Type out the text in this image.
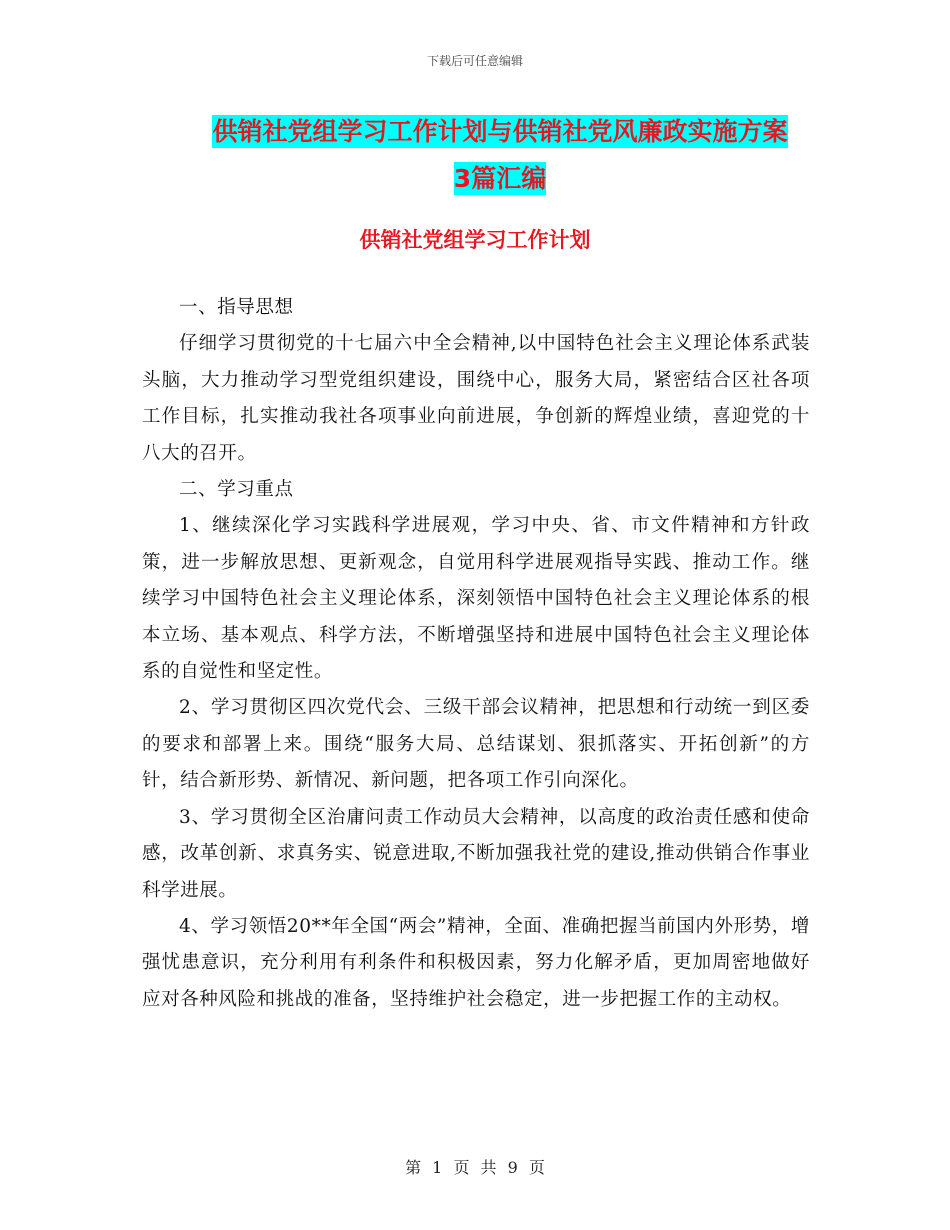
下载后可任意编辑
供销社党组学习工作计划与供销社党风廉政实施方案
3篇汇编
供销社党组学习工作计划

一、指导思想

仔细学习贯彻党的十七届六中全会精神,以中国特色社会主义理论体系武装头脑，大力推动学习型党组织建设，围绕中心，服务大局，紧密结合区社各项工作目标，扎实推动我社各项事业向前进展，争创新的辉煌业绩，喜迎党的十八大的召开。

二、学习重点

1、继续深化学习实践科学进展观，学习中央、省、市文件精神和方针政策，进一步解放思想、更新观念，自觉用科学进展观指导实践、推动工作。继续学习中国特色社会主义理论体系，深刻领悟中国特色社会主义理论体系的根本立场、基本观点、科学方法，不断增强坚持和进展中国特色社会主义理论体系的自觉性和坚定性。

2、学习贯彻区四次党代会、三级干部会议精神，把思想和行动统一到区委的要求和部署上来。围绕“服务大局、总结谋划、狠抓落实、开拓创新”的方针，结合新形势、新情况、新问题，把各项工作引向深化。

3、学习贯彻全区治庸问责工作动员大会精神，以高度的政治责任感和使命感，改革创新、求真务实、锐意进取,不断加强我社党的建设,推动供销合作事业科学进展。

4、学习领悟20**年全国“两会”精神，全面、准确把握当前国内外形势，增强忧患意识，充分利用有利条件和积极因素，努力化解矛盾，更加周密地做好应对各种风险和挑战的准备，坚持维护社会稳定，进一步把握工作的主动权。

第 1 页 共 9 页
